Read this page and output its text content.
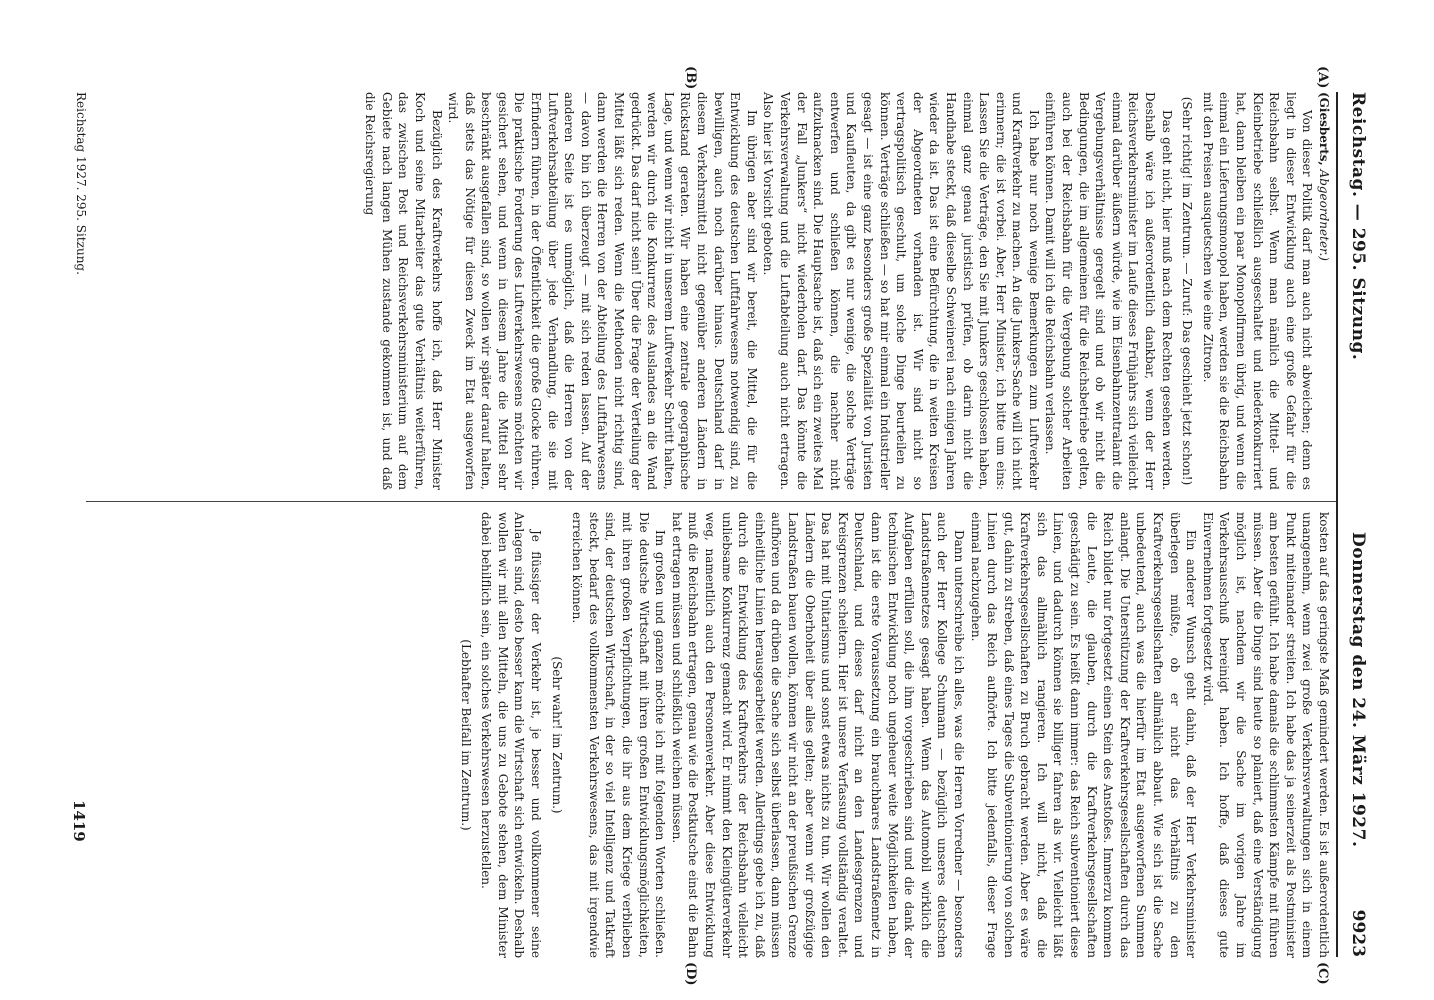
Reichstag. — 295. Sitzung.
Donnerstag den 24. März 1927.
9923
(A)
(B)
(C)
(D)

(Giesberts, Abgeordneter.)

Von dieser Politik darf man auch nicht abweichen; denn es liegt in dieser Entwicklung auch eine große Gefahr für die Reichsbahn selbst. Wenn man nämlich die Mittel- und Kleinbetriebe schließlich ausgeschaltet und niederkonkurriert hat, dann bleiben ein paar Monopolfirmen übrig, und wenn die einmal ein Lieferungsmonopol haben, werden sie die Reichsbahn mit den Preisen ausquetschen wie eine Zitrone.

(Sehr richtig! im Zentrum. — Zuruf: Das geschieht jetzt schon!)

Das geht nicht, hier muß nach dem Rechten gesehen werden. Deshalb wäre ich außerordentlich dankbar, wenn der Herr Reichsverkehrsminister im Laufe dieses Frühjahrs sich vielleicht einmal darüber äußern würde, wie im Eisenbahnzentralamt die Vergebungsverhältnisse geregelt sind und ob wir nicht die Bedingungen, die im allgemeinen für die Reichsbetriebe gelten, auch bei der Reichsbahn für die Vergebung solcher Arbeiten einführen können. Damit will ich die Reichsbahn verlassen.

Ich habe nur noch wenige Bemerkungen zum Luftverkehr und Kraftverkehr zu machen. An die Junkers-Sache will ich nicht erinnern; die ist vorbei. Aber, Herr Minister, ich bitte um eins: Lassen Sie die Verträge, den Sie mit Junkers geschlossen haben, einmal ganz genau juristisch prüfen, ob darin nicht die Handhabe steckt, daß dieselbe Schweinerei nach einigen Jahren wieder da ist. Das ist eine Befürchtung, die in weiten Kreisen der Abgeordneten vorhanden ist. Wir sind nicht so vertragspolitisch geschult, um solche Dinge beurteilen zu können. Verträge schließen — so hat mir einmal ein Industrieller gesagt — ist eine ganz besonders große Spezialität von Juristen und Kaufleuten, da gibt es nur wenige, die solche Verträge entwerfen und schließen können, die nachher nicht aufzuknacken sind. Die Hauptsache ist, daß sich ein zweites Mal der Fall „Junkers“ nicht wiederholen darf. Das könnte die Verkehrsverwaltung und die Luftabteilung auch nicht ertragen. Also hier ist Vorsicht geboten.

Im übrigen aber sind wir bereit, die Mittel, die für die Entwicklung des deutschen Luftfahrwesens notwendig sind, zu bewilligen, auch noch darüber hinaus. Deutschland darf in diesem Verkehrsmittel nicht gegenüber anderen Ländern in Rückstand geraten. Wir haben eine zentrale geographische Lage, und wenn wir nicht in unserem Luftverkehr Schritt halten, werden wir durch die Konkurrenz des Auslandes an die Wand gedrückt. Das darf nicht sein! Über die Frage der Verteilung der Mittel läßt sich reden. Wenn die Methoden nicht richtig sind, dann werden die Herren von der Abteilung des Luftfahrwesens — davon bin ich überzeugt — mit sich reden lassen. Auf der anderen Seite ist es unmöglich, daß die Herren von der Luftverkehrsabteilung über jede Verhandlung, die sie mit Erfindern führen, in der Öffentlichkeit die große Glocke rühren. Die praktische Forderung des Luftverkehrswesens möchten wir gesichert sehen, und wenn in diesem Jahre die Mittel sehr beschränkt ausgefallen sind, so wollen wir später darauf halten, daß stets das Nötige für diesen Zweck im Etat ausgeworfen wird.

Bezüglich des Kraftverkehrs hoffe ich, daß Herr Minister Koch und seine Mitarbeiter das gute Verhältnis weiterführen, das zwischen Post und Reichsverkehrsministerium auf dem Gebiete nach langen Mühen zustande gekommen ist, und daß die Reichsregierung

kosten auf das geringste Maß gemindert werden. Es ist außerordentlich unangenehm, wenn zwei große Verkehrsverwaltungen sich in einem Punkt miteinander streiten. Ich habe das ja seinerzeit als Postminister am besten gefühlt. Ich habe damals die schlimmsten Kämpfe mit führen müssen. Aber die Dinge sind heute so planiert, daß eine Verständigung möglich ist, nachdem wir die Sache im vorigen Jahre im Verkehrsausschuß bereinigt haben. Ich hoffe, daß dieses gute Einvernehmen fortgesetzt wird.

Ein anderer Wunsch geht dahin, daß der Herr Verkehrsminister überlegen müßte, ob er nicht das Verhältnis zu den Kraftverkehrsgesellschaften allmählich abbaut. Wie sich ist die Sache unbedeutend, auch was die hierfür im Etat ausgeworfenen Summen anlangt. Die Unterstützung der Kraftverkehrsgesellschaften durch das Reich bildet nur fortgesetzt einen Stein des Anstoßes. Immerzu kommen die Leute, die glauben, durch die Kraftverkehrsgesellschaften geschädigt zu sein. Es heißt dann immer: das Reich subventioniert diese Linien, und dadurch können sie billiger fahren als wir. Vielleicht läßt sich das allmählich rangieren. Ich will nicht, daß die Kraftverkehrsgesellschaften zu Bruch gebracht werden. Aber es wäre gut, dahin zu streben, daß eines Tages die Subventionierung von solchen Linien durch das Reich aufhörte. Ich bitte jedenfalls, dieser Frage einmal nachzugehen.

Dann unterschreibe ich alles, was die Herren Vorredner — besonders auch der Herr Kollege Schumann — bezüglich unseres deutschen Landstraßennetzes gesagt haben. Wenn das Automobil wirklich die Aufgaben erfüllen soll, die ihm vorgeschrieben sind und die dank der technischen Entwicklung noch ungeheuer weite Möglichkeiten haben, dann ist die erste Voraussetzung ein brauchbares Landstraßennetz in Deutschland, und dieses darf nicht an den Landesgrenzen und Kreisgrenzen scheitern. Hier ist unsere Verfassung vollständig veraltet. Das hat mit Unitarismus und sonst etwas nichts zu tun. Wir wollen den Ländern die Oberhoheit über alles gelten; aber wenn wir großzügige Landstraßen bauen wollen, können wir nicht an der preußischen Grenze aufhören und da drüben die Sache sich selbst überlassen, dann müssen einheitliche Linien herausgearbeitet werden. Allerdings gebe ich zu, daß durch die Entwicklung des Kraftverkehrs der Reichsbahn vielleicht unliebsame Konkurrenz gemacht wird. Er nimmt den Kleingüterverkehr weg, namentlich auch den Personenverkehr. Aber diese Entwicklung muß die Reichsbahn ertragen, genau wie die Postkutsche einst die Bahn hat ertragen müssen und schließlich weichen müssen.

Im großen und ganzen möchte ich mit folgenden Worten schließen. Die deutsche Wirtschaft mit ihren großen Entwicklungsmöglichkeiten, mit ihren großen Verpflichtungen, die ihr aus dem Kriege verblieben sind, der deutschen Wirtschaft, in der so viel Intelligenz und Tatkraft steckt, bedarf des vollkommensten Verkehrswesens, das mit irgendwie erreichen können.

(Sehr wahr! im Zentrum.)

Je flüssiger der Verkehr ist, je besser und vollkommener seine Anlagen sind, desto besser kann die Wirtschaft sich entwickeln. Deshalb wollen wir mit allen Mitteln, die uns zu Gebote stehen, dem Minister dabei behilflich sein, ein solches Verkehrswesen herzustellen.

(Lebhafter Beifall im Zentrum.)

Reichstag 1927. 295. Sitzung.
1419
